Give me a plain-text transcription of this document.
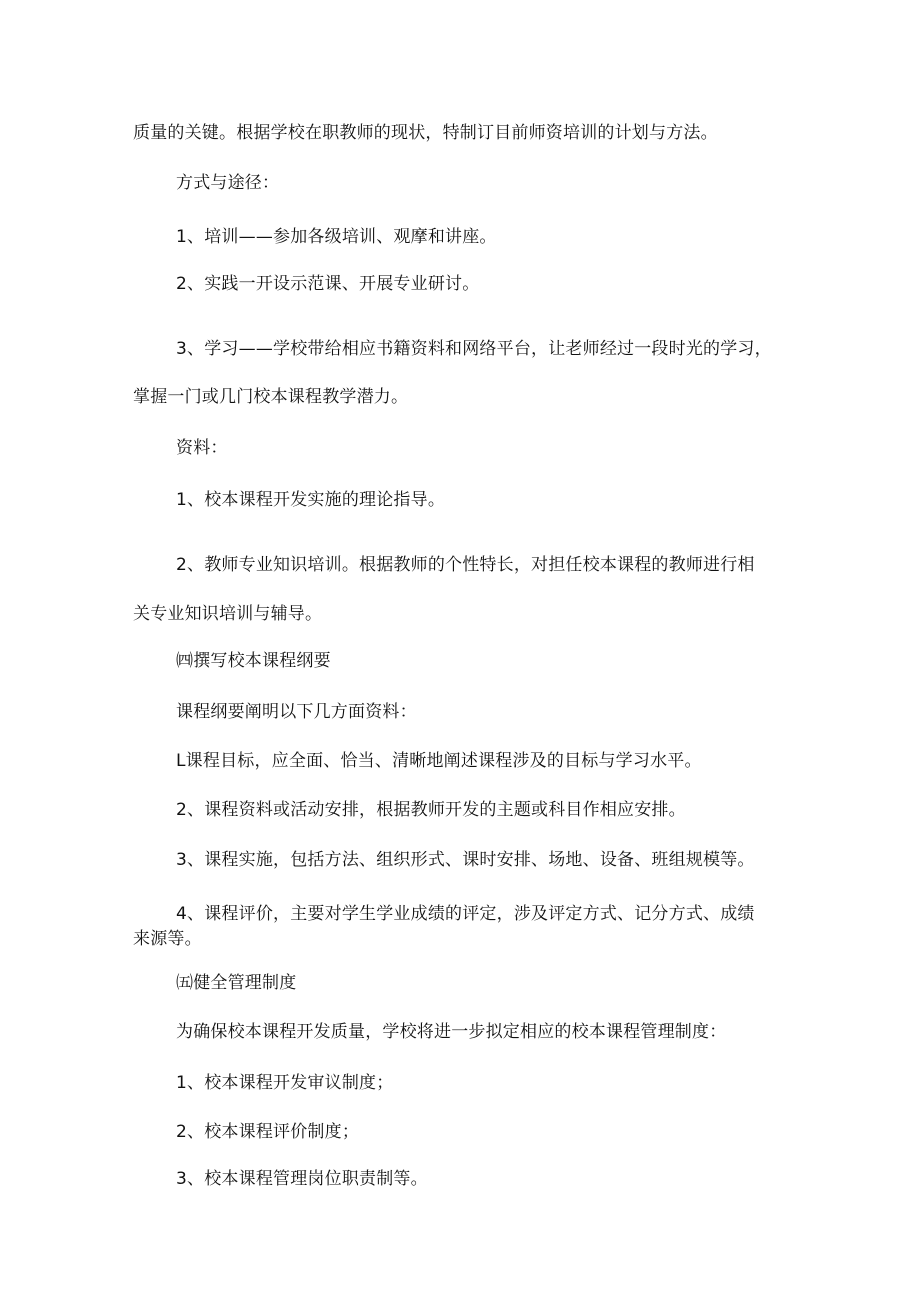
质量的关键。根据学校在职教师的现状，特制订目前师资培训的计划与方法。
方式与途径：
1、培训——参加各级培训、观摩和讲座。
2、实践一开设示范课、开展专业研讨。
3、学习——学校带给相应书籍资料和网络平台，让老师经过一段时光的学习，
掌握一门或几门校本课程教学潜力。
资料：
1、校本课程开发实施的理论指导。
2、教师专业知识培训。根据教师的个性特长，对担任校本课程的教师进行相
关专业知识培训与辅导。
㈣撰写校本课程纲要
课程纲要阐明以下几方面资料：
L课程目标，应全面、恰当、清晰地阐述课程涉及的目标与学习水平。
2、课程资料或活动安排，根据教师开发的主题或科目作相应安排。
3、课程实施，包括方法、组织形式、课时安排、场地、设备、班组规模等。
4、课程评价，主要对学生学业成绩的评定，涉及评定方式、记分方式、成绩
来源等。
㈤健全管理制度
为确保校本课程开发质量，学校将进一步拟定相应的校本课程管理制度：
1、校本课程开发审议制度；
2、校本课程评价制度；
3、校本课程管理岗位职责制等。
